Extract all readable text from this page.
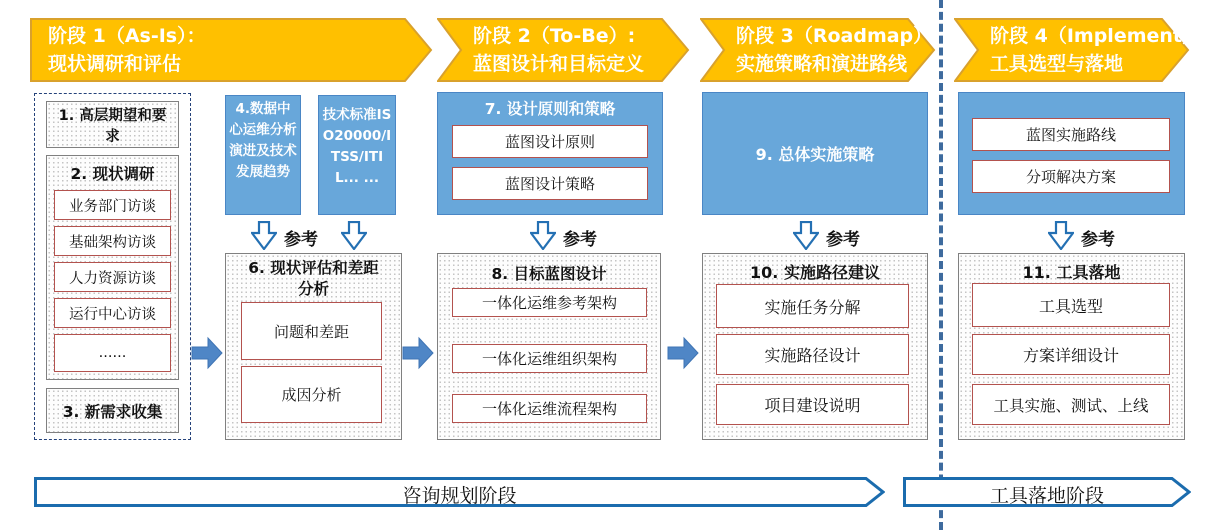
阶段 1（As-Is）：
现状调研和评估
阶段 2（To-Be）:
蓝图设计和目标定义
阶段 3（Roadmap）:
实施策略和演进路线
阶段 4（Implement）:
工具选型与落地
1. 高层期望和要求
2. 现状调研
业务部门访谈
基础架构访谈
人力资源访谈
运行中心访谈
......
3. 新需求收集
4.数据中心运维分析演进及技术发展趋势
技术标准ISO20000/ITSS/ITIL... ...
参考
6. 现状评估和差距分析
问题和差距
成因分析
7. 设计原则和策略
蓝图设计原则
蓝图设计策略
参考
8. 目标蓝图设计
一体化运维参考架构
一体化运维组织架构
一体化运维流程架构
9. 总体实施策略
参考
10. 实施路径建议
实施任务分解
实施路径设计
项目建设说明
蓝图实施路线
分项解决方案
参考
11. 工具落地
工具选型
方案详细设计
工具实施、测试、上线
咨询规划阶段	工具落地阶段
